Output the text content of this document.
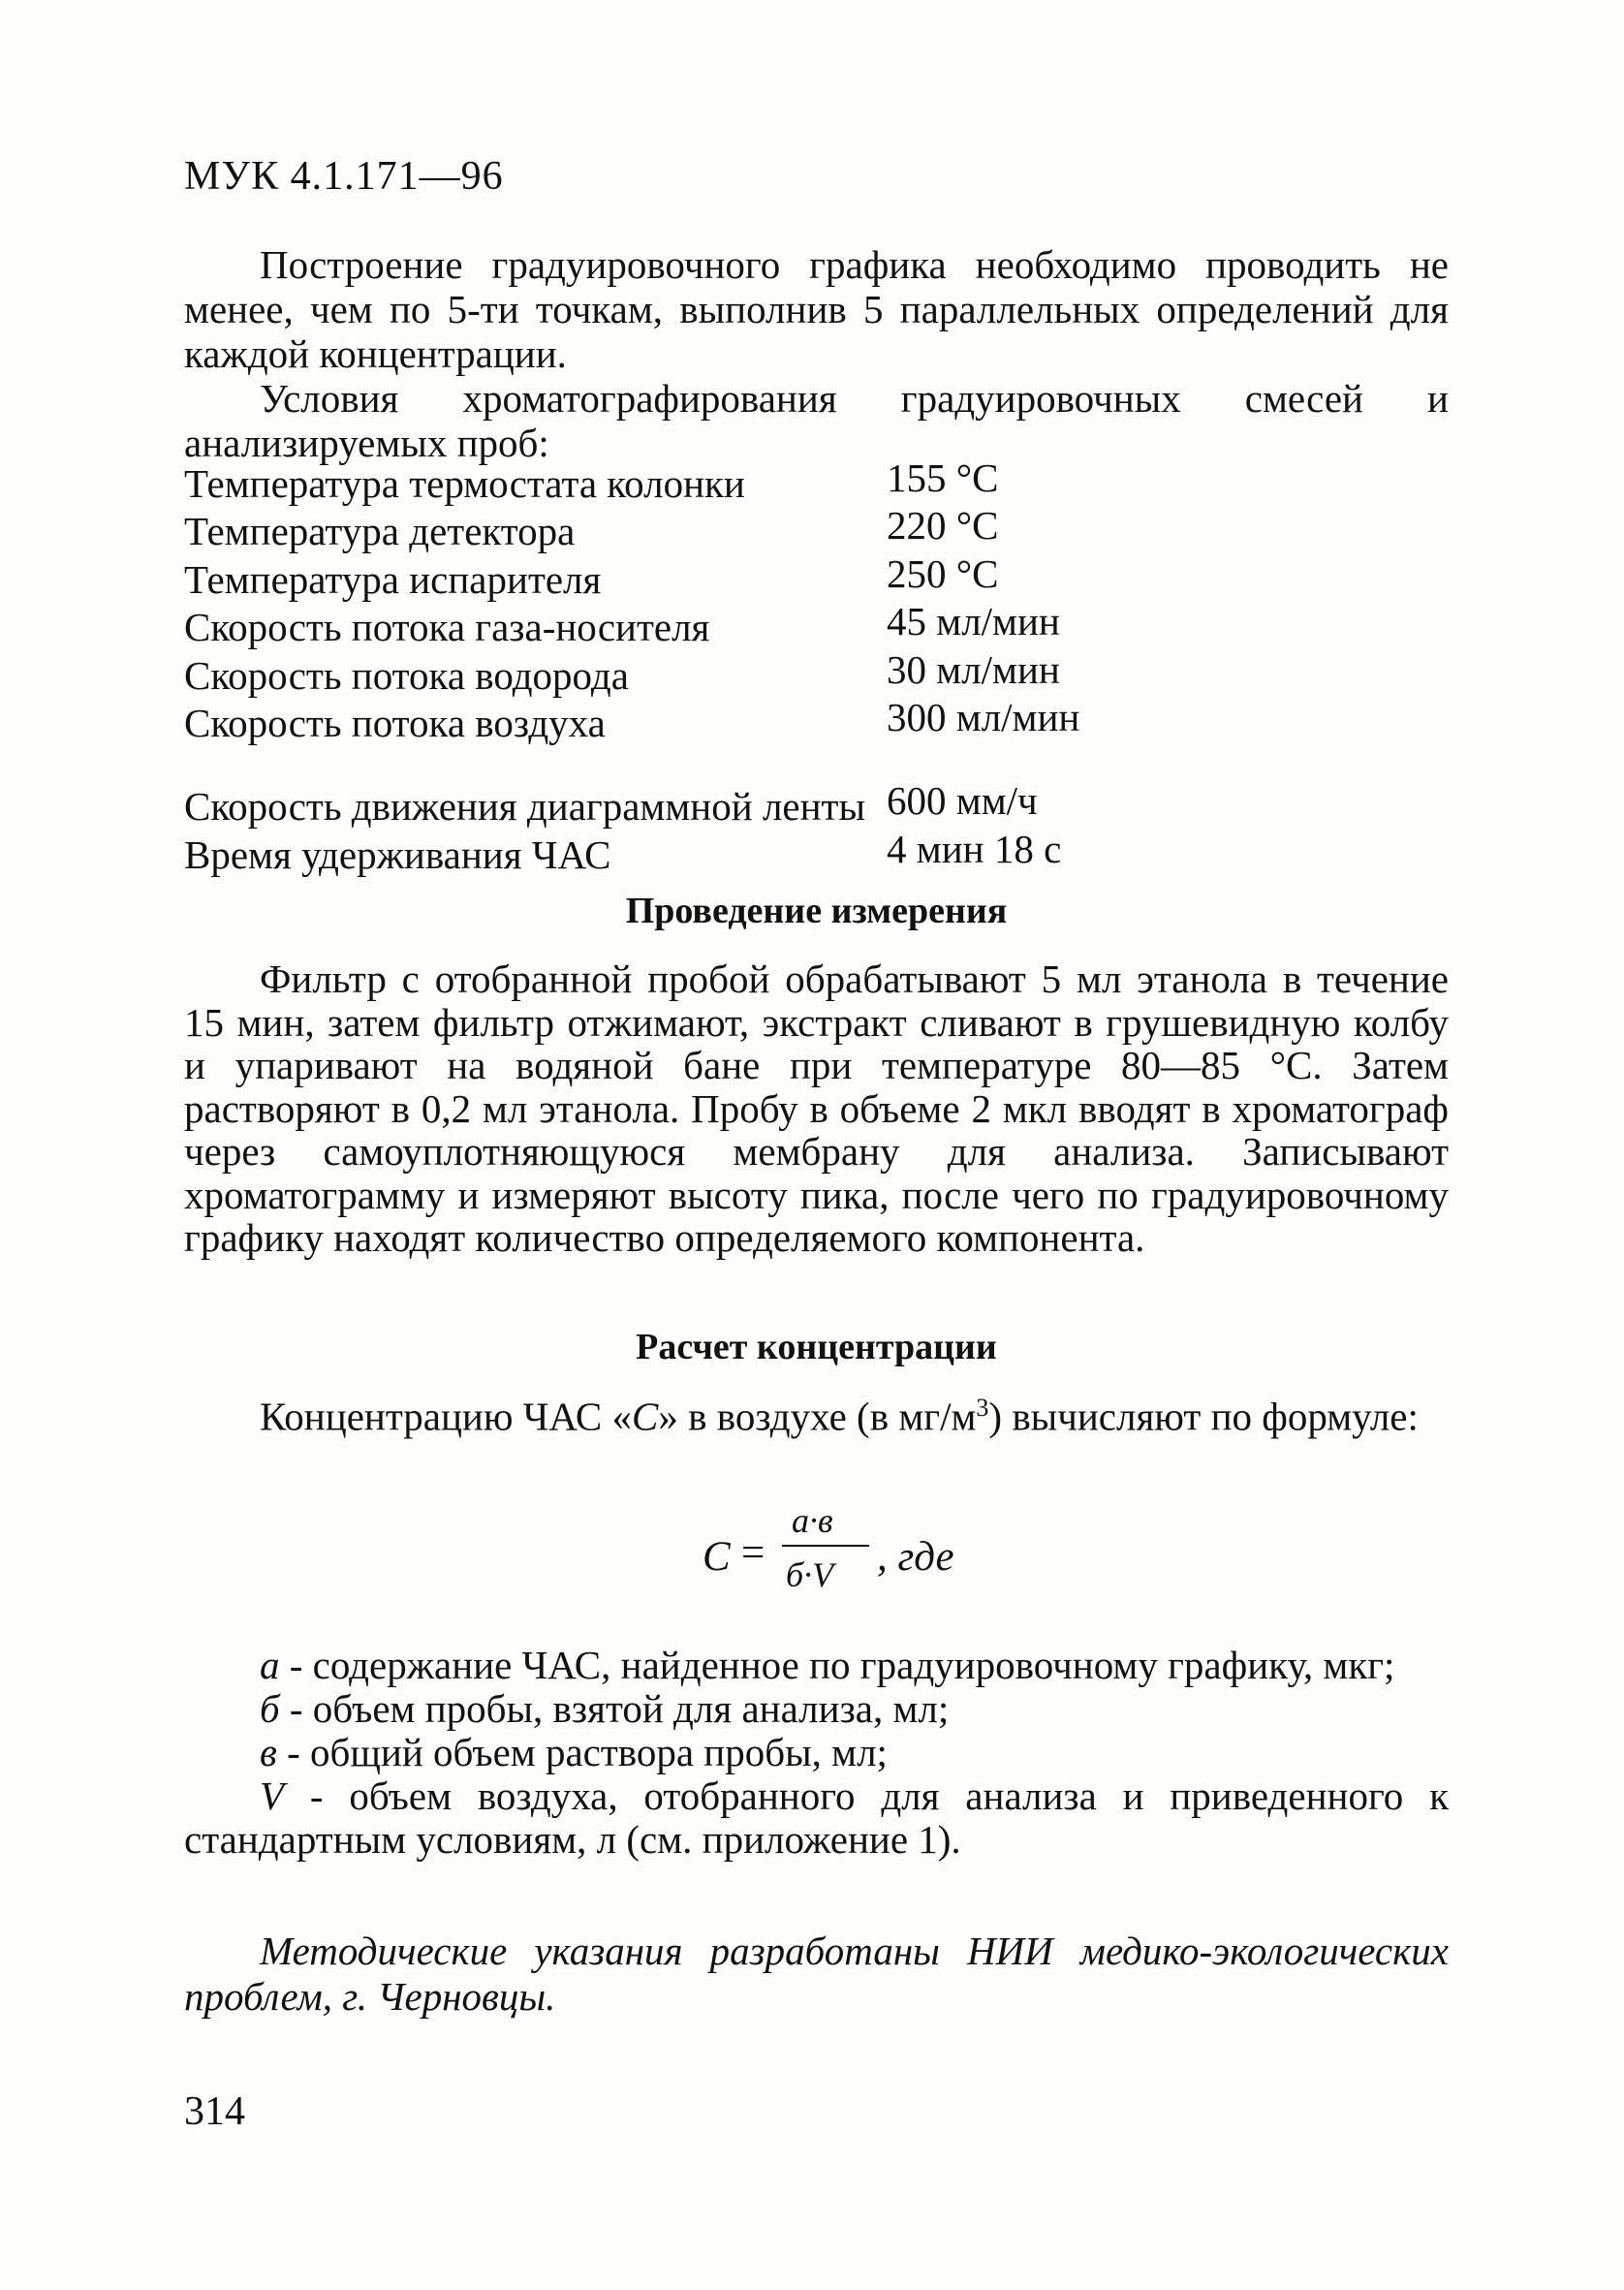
МУК 4.1.171—96

Построение градуировочного графика необходимо проводить не менее, чем по 5-ти точкам, выполнив 5 параллельных определений для каждой концентрации.

Условия хроматографирования градуировочных смесей и анализируемых проб:

Температура термостата колонки	155 °C
Температура детектора	220 °C
Температура испарителя	250 °C
Скорость потока газа-носителя	45 мл/мин
Скорость потока водорода	30 мл/мин
Скорость потока воздуха	300 мл/мин
Скорость движения диаграммной ленты 600 мм/ч
Время удерживания ЧАС	4 мин 18 с
Проведение измерения

Фильтр с отобранной пробой обрабатывают 5 мл этанола в течение 15 мин, затем фильтр отжимают, экстракт сливают в грушевидную колбу и упаривают на водяной бане при температуре 80—85 °С. Затем растворяют в 0,2 мл этанола. Пробу в объеме 2 мкл вводят в хроматограф через самоуплотняющуюся мембрану для анализа. Записывают хроматограмму и измеряют высоту пика, после чего по градуировочному графику находят количество определяемого компонента.

Расчет концентрации

Концентрацию ЧАС «С» в воздухе (в $мг/м^3$) вычисляют по формуле:

С =
а·в
б·V , где

а - содержание ЧАС, найденное по градуировочному графику, мкг;

б - объем пробы, взятой для анализа, мл;

в - общий объем раствора пробы, мл;

V - объем воздуха, отобранного для анализа и приведенного к стандартным условиям, л (см. приложение 1).

Методические указания разработаны НИИ медико-экологических проблем, г. Черновцы.

314
